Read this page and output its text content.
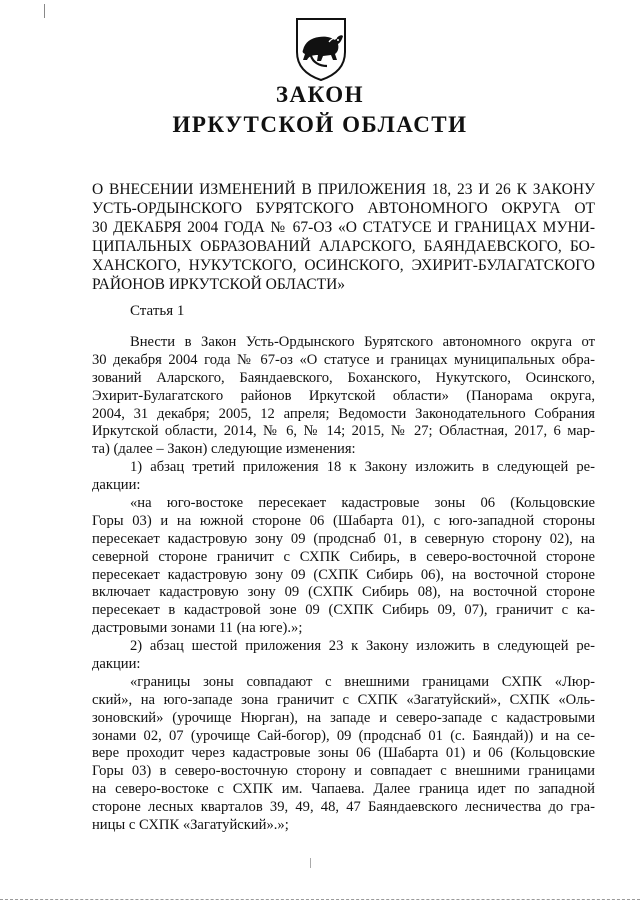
ЗАКОН
ИРКУТСКОЙ ОБЛАСТИ
О ВНЕСЕНИИ ИЗМЕНЕНИЙ В ПРИЛОЖЕНИЯ 18, 23 И 26 К ЗАКОНУ
УСТЬ-ОРДЫНСКОГО БУРЯТСКОГО АВТОНОМНОГО ОКРУГА ОТ
30 ДЕКАБРЯ 2004 ГОДА № 67-ОЗ «О СТАТУСЕ И ГРАНИЦАХ МУНИ-
ЦИПАЛЬНЫХ ОБРАЗОВАНИЙ АЛАРСКОГО, БАЯНДАЕВСКОГО, БО-
ХАНСКОГО, НУКУТСКОГО, ОСИНСКОГО, ЭХИРИТ-БУЛАГАТСКОГО
РАЙОНОВ ИРКУТСКОЙ ОБЛАСТИ»
Статья 1
Внести в Закон Усть-Ордынского Бурятского автономного округа от
30 декабря 2004 года № 67-оз «О статусе и границах муниципальных обра-
зований Аларского, Баяндаевского, Боханского, Нукутского, Осинского,
Эхирит-Булагатского районов Иркутской области» (Панорама округа,
2004, 31 декабря; 2005, 12 апреля; Ведомости Законодательного Собрания
Иркутской области, 2014, № 6, № 14; 2015, № 27; Областная, 2017, 6 мар-
та) (далее – Закон) следующие изменения:
1) абзац третий приложения 18 к Закону изложить в следующей ре-
дакции:
«на юго-востоке пересекает кадастровые зоны 06 (Кольцовские
Горы 03) и на южной стороне 06 (Шабарта 01), с юго-западной стороны
пересекает кадастровую зону 09 (продснаб 01, в северную сторону 02), на
северной стороне граничит с СХПК Сибирь, в северо-восточной стороне
пересекает кадастровую зону 09 (СХПК Сибирь 06), на восточной стороне
включает кадастровую зону 09 (СХПК Сибирь 08), на восточной стороне
пересекает в кадастровой зоне 09 (СХПК Сибирь 09, 07), граничит с ка-
дастровыми зонами 11 (на юге).»;
2) абзац шестой приложения 23 к Закону изложить в следующей ре-
дакции:
«границы зоны совпадают с внешними границами СХПК «Люр-
ский», на юго-западе зона граничит с СХПК «Загатуйский», СХПК «Оль-
зоновский» (урочище Нюрган), на западе и северо-западе с кадастровыми
зонами 02, 07 (урочище Сай-богор), 09 (продснаб 01 (с. Баяндай)) и на се-
вере проходит через кадастровые зоны 06 (Шабарта 01) и 06 (Кольцовские
Горы 03) в северо-восточную сторону и совпадает с внешними границами
на северо-востоке с СХПК им. Чапаева. Далее граница идет по западной
стороне лесных кварталов 39, 49, 48, 47 Баяндаевского лесничества до гра-
ницы с СХПК «Загатуйский».»;
